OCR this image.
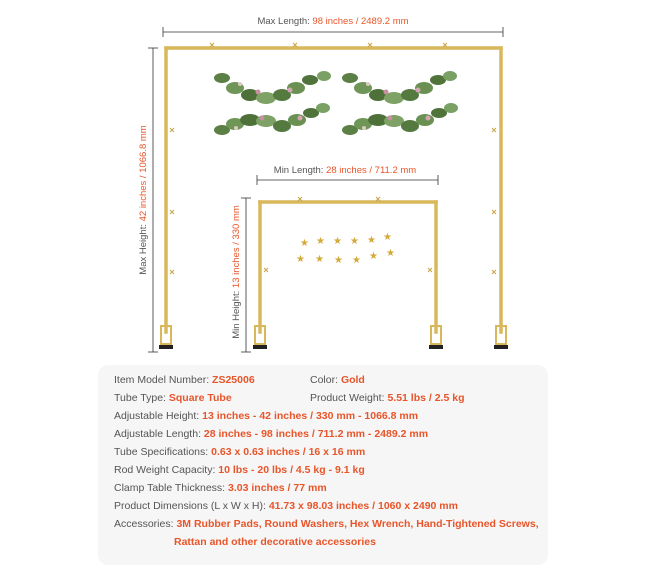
Max Length: 98 inches / 2489.2 mm
Max Height: 42 inches / 1066.8 mm	Min Length: 28 inches / 711.2 mm
Min Height: 13 inches / 330 mm	★ ★ ★ ★ ★ ★
★ ★ ★ ★ ★ ★
Item Model Number: ZS25006	Color: Gold
Tube Type: Square Tube	Product Weight: 5.51 lbs / 2.5 kg
Adjustable Height: 13 inches - 42 inches / 330 mm - 1066.8 mm
Adjustable Length: 28 inches - 98 inches / 711.2 mm - 2489.2 mm
Tube Specifications: 0.63 x 0.63 inches / 16 x 16 mm
Rod Weight Capacity: 10 lbs - 20 lbs / 4.5 kg - 9.1 kg
Clamp Table Thickness: 3.03 inches / 77 mm
Product Dimensions (L x W x H): 41.73 x 98.03 inches / 1060 x 2490 mm
Accessories: 3M Rubber Pads, Round Washers, Hex Wrench, Hand-Tightened Screws,
Rattan and other decorative accessories
